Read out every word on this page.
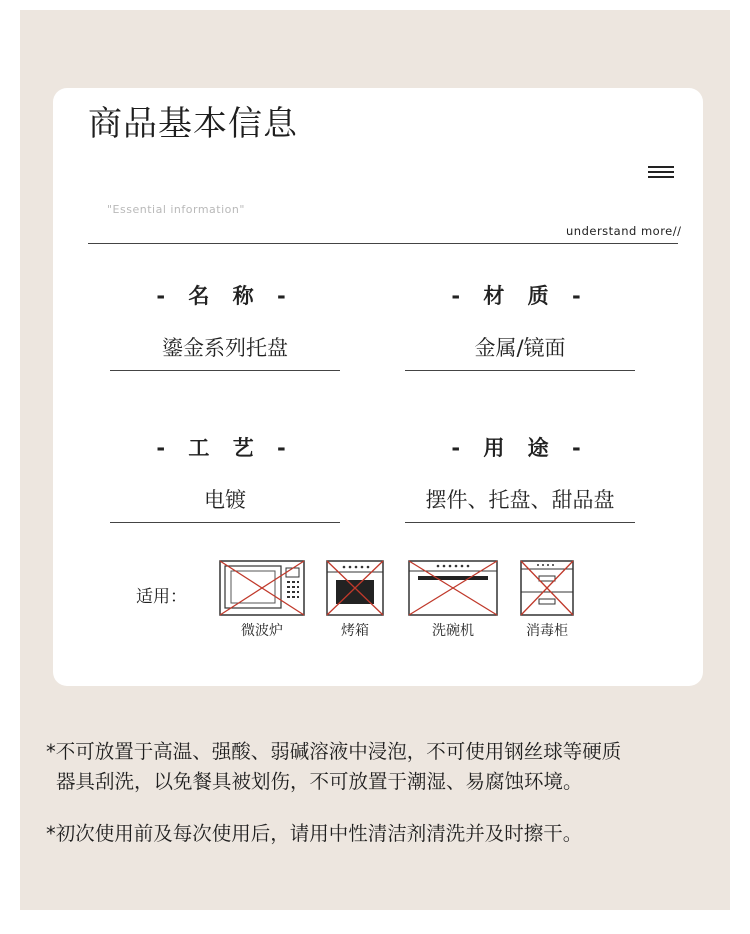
商品基本信息
"Essential information"
understand more//
- 名 称 -
鎏金系列托盘
- 材 质 -
金属/镜面
- 工 艺 -
电镀
- 用 途 -
摆件、托盘、甜品盘
适用：
微波炉	烤箱	洗碗机	消毒柜
*不可放置于高温、强酸、弱碱溶液中浸泡，不可使用钢丝球等硬质
器具刮洗，以免餐具被划伤，不可放置于潮湿、易腐蚀环境。
*初次使用前及每次使用后，请用中性清洁剂清洗并及时擦干。
